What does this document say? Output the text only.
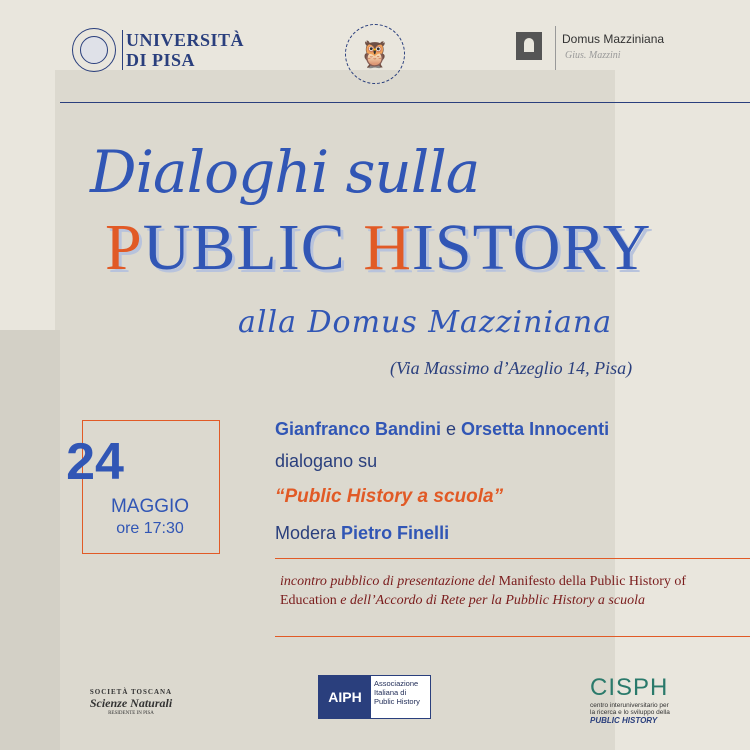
UNIVERSITÀ
DI PISA	🦉	Domus Mazziniana
Gius. Mazzini
Dialoghi sulla
PUBLIC HISTORY
alla Domus Mazziniana
(Via Massimo d’Azeglio 14, Pisa)
24
MAGGIO
ore 17:30
Gianfranco Bandini e Orsetta Innocenti
dialogano su
“Public History a scuola”
Modera Pietro Finelli
incontro pubblico di presentazione del Manifesto della Public History of Education e dell’Accordo di Rete per la Pubblic History a scuola
SOCIETÀ TOSCANA
Scienze Naturali
RESIDENTE IN PISA
AIPH
Associazione
Italiana di
Public History
CISPH
centro interuniversitario per
la ricerca e lo sviluppo della
PUBLIC HISTORY
